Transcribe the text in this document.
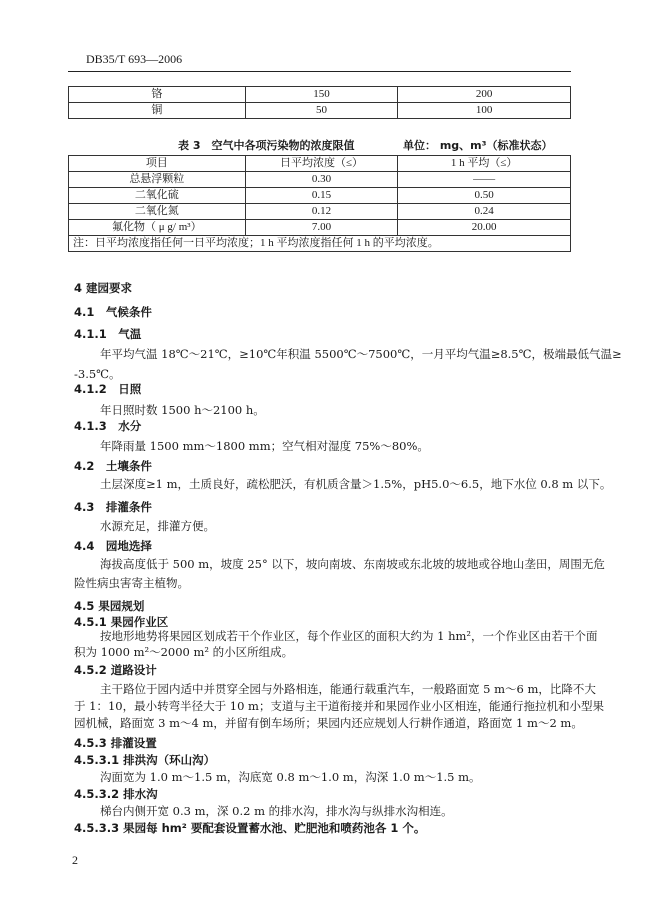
DB35/T 693—2006
铬	150	200
铜	50	100
表 3　空气中各项污染物的浓度限值	单位： mg、m³（标准状态）
项目	日平均浓度（≤）	1 h 平均（≤）
总悬浮颗粒	0.30	——
二氧化硫	0.15	0.50
二氧化氮	0.12	0.24
氟化物（ μ g/ m³）	7.00	20.00
注：日平均浓度指任何一日平均浓度；1 h 平均浓度指任何 1 h 的平均浓度。		
4 建园要求
4.1　气候条件
4.1.1　气温
年平均气温 18℃～21℃，≥10℃年积温 5500℃～7500℃，一月平均气温≥8.5℃，极端最低气温≥
-3.5℃。
4.1.2　日照
年日照时数 1500 h～2100 h。
4.1.3　水分
年降雨量 1500 mm～1800 mm；空气相对湿度 75%～80%。
4.2　土壤条件
土层深度≥1 m，土质良好，疏松肥沃，有机质含量＞1.5%，pH5.0～6.5，地下水位 0.8 m 以下。
4.3　排灌条件
水源充足，排灌方便。
4.4　园地选择
海拔高度低于 500 m，坡度 25° 以下，坡向南坡、东南坡或东北坡的坡地或谷地山垄田，周围无危
险性病虫害寄主植物。
4.5 果园规划
4.5.1 果园作业区
按地形地势将果园区划成若干个作业区，每个作业区的面积大约为 1 hm²，一个作业区由若干个面
积为 1000 m²～2000 m² 的小区所组成。
4.5.2 道路设计
主干路位于园内适中并贯穿全园与外路相连，能通行载重汽车，一般路面宽 5 m～6 m，比降不大
于 1：10，最小转弯半径大于 10 m；支道与主干道衔接并和果园作业小区相连，能通行拖拉机和小型果
园机械，路面宽 3 m～4 m，并留有倒车场所；果园内还应规划人行耕作通道，路面宽 1 m～2 m。
4.5.3 排灌设置
4.5.3.1 排洪沟（环山沟）
沟面宽为 1.0 m～1.5 m，沟底宽 0.8 m～1.0 m，沟深 1.0 m～1.5 m。
4.5.3.2 排水沟
梯台内侧开宽 0.3 m，深 0.2 m 的排水沟，排水沟与纵排水沟相连。
4.5.3.3 果园每 hm² 要配套设置蓄水池、贮肥池和喷药池各 1 个。
2
